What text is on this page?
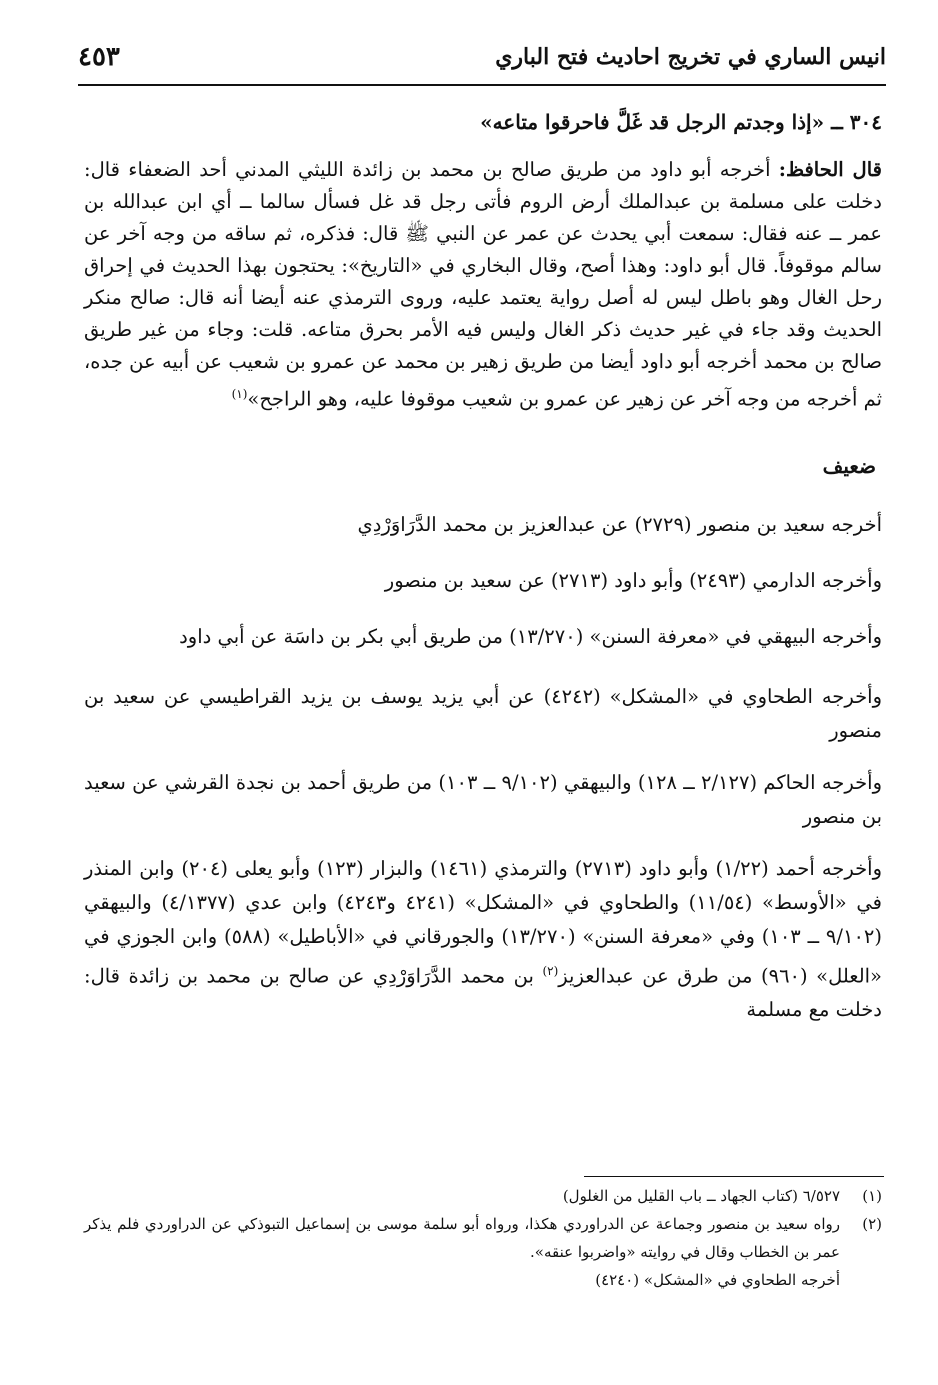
٤٥٣	انيس الساري في تخريج احاديث فتح الباري

٣٠٤ ــ «إذا وجدتم الرجل قد غَلَّ فاحرقوا متاعه»

قال الحافظ: أخرجه أبو داود من طريق صالح بن محمد بن زائدة الليثي المدني أحد الضعفاء قال: دخلت على مسلمة بن عبدالملك أرض الروم فأتى رجل قد غل فسأل سالما ــ أي ابن عبدالله بن عمر ــ عنه فقال: سمعت أبي يحدث عن عمر عن النبي ﷺ قال: فذكره، ثم ساقه من وجه آخر عن سالم موقوفاً. قال أبو داود: وهذا أصح، وقال البخاري في «التاريخ»: يحتجون بهذا الحديث في إحراق رحل الغال وهو باطل ليس له أصل رواية يعتمد عليه، وروى الترمذي عنه أيضا أنه قال: صالح منكر الحديث وقد جاء في غير حديث ذكر الغال وليس فيه الأمر بحرق متاعه. قلت: وجاء من غير طريق صالح بن محمد أخرجه أبو داود أيضا من طريق زهير بن محمد عن عمرو بن شعيب عن أبيه عن جده، ثم أخرجه من وجه آخر عن زهير عن عمرو بن شعيب موقوفا عليه، وهو الراجح»$^{(١)}$

ضعيف

أخرجه سعيد بن منصور (٢٧٢٩) عن عبدالعزيز بن محمد الدَّرَاوَرْدِي

وأخرجه الدارمي (٢٤٩٣) وأبو داود (٢٧١٣) عن سعيد بن منصور

وأخرجه البيهقي في «معرفة السنن» (١٣/٢٧٠) من طريق أبي بكر بن داسَة عن أبي داود

وأخرجه الطحاوي في «المشكل» (٤٢٤٢) عن أبي يزيد يوسف بن يزيد القراطيسي عن سعيد بن منصور

وأخرجه الحاكم (٢/١٢٧ ــ ١٢٨) والبيهقي (٩/١٠٢ ــ ١٠٣) من طريق أحمد بن نجدة القرشي عن سعيد بن منصور

وأخرجه أحمد (١/٢٢) وأبو داود (٢٧١٣) والترمذي (١٤٦١) والبزار (١٢٣) وأبو يعلى (٢٠٤) وابن المنذر في «الأوسط» (١١/٥٤) والطحاوي في «المشكل» (٤٢٤١ و٤٢٤٣) وابن عدي (٤/١٣٧٧) والبيهقي (٩/١٠٢ ــ ١٠٣) وفي «معرفة السنن» (١٣/٢٧٠) والجورقاني في «الأباطيل» (٥٨٨) وابن الجوزي في «العلل» (٩٦٠) من طرق عن عبدالعزيز$^{(٢)}$ بن محمد الدَّرَاوَرْدِي عن صالح بن محمد بن زائدة قال: دخلت مع مسلمة

(١)
٦/٥٢٧ (كتاب الجهاد ــ باب القليل من الغلول)
(٢)
رواه سعيد بن منصور وجماعة عن الدراوردي هكذا، ورواه أبو سلمة موسى بن إسماعيل التبوذكي عن الدراوردي فلم يذكر عمر بن الخطاب وقال في روايته «واضربوا عنقه».
أخرجه الطحاوي في «المشكل» (٤٢٤٠)
